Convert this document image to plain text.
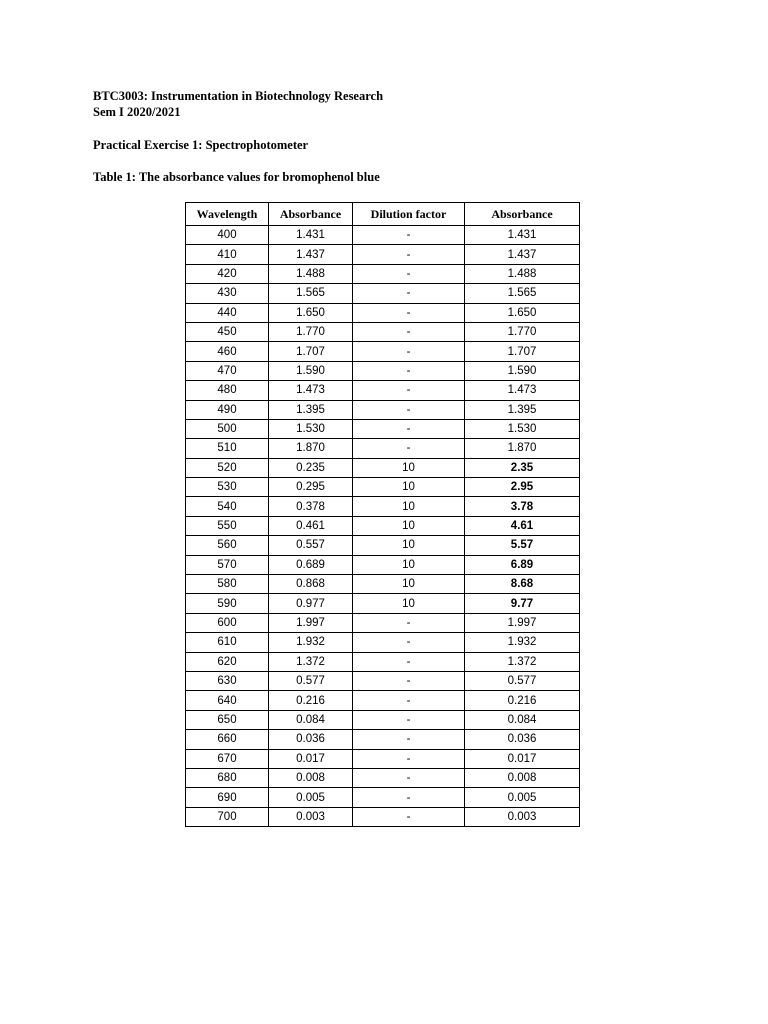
BTC3003: Instrumentation in Biotechnology Research
Sem I 2020/2021
Practical Exercise 1: Spectrophotometer
Table 1: The absorbance values for bromophenol blue
Wavelength	Absorbance	Dilution factor	Absorbance
400	1.431	-	1.431
410	1.437	-	1.437
420	1.488	-	1.488
430	1.565	-	1.565
440	1.650	-	1.650
450	1.770	-	1.770
460	1.707	-	1.707
470	1.590	-	1.590
480	1.473	-	1.473
490	1.395	-	1.395
500	1.530	-	1.530
510	1.870	-	1.870
520	0.235	10	2.35
530	0.295	10	2.95
540	0.378	10	3.78
550	0.461	10	4.61
560	0.557	10	5.57
570	0.689	10	6.89
580	0.868	10	8.68
590	0.977	10	9.77
600	1.997	-	1.997
610	1.932	-	1.932
620	1.372	-	1.372
630	0.577	-	0.577
640	0.216	-	0.216
650	0.084	-	0.084
660	0.036	-	0.036
670	0.017	-	0.017
680	0.008	-	0.008
690	0.005	-	0.005
700	0.003	-	0.003
